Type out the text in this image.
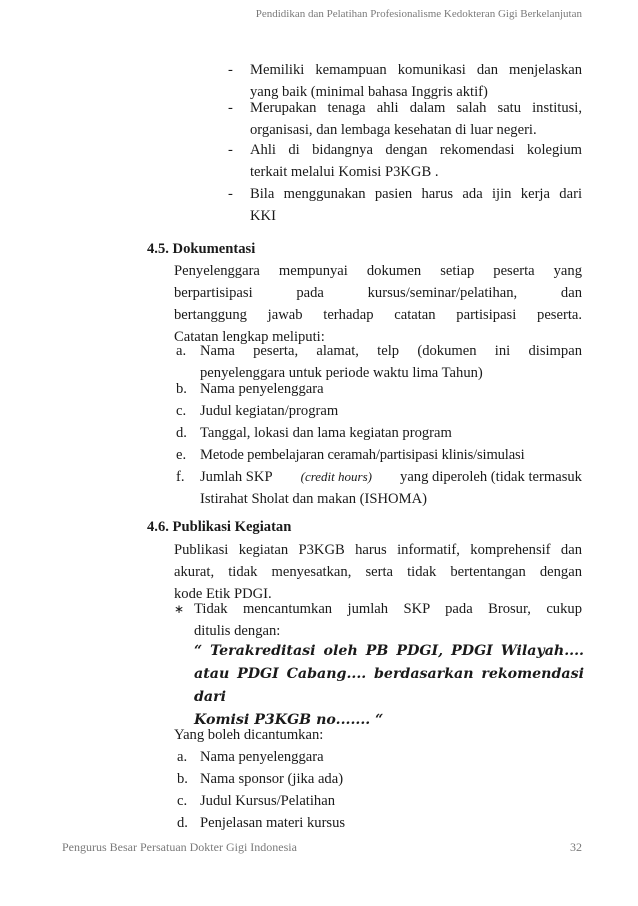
Pendidikan dan Pelatihan Profesionalisme Kedokteran Gigi Berkelanjutan
- Memiliki kemampuan komunikasi dan menjelaskan
yang baik (minimal bahasa Inggris aktif)
- Merupakan tenaga ahli dalam salah satu institusi,
organisasi, dan lembaga kesehatan di luar negeri.
- Ahli di bidangnya dengan rekomendasi kolegium
terkait melalui Komisi P3KGB .
- Bila menggunakan pasien harus ada ijin kerja dari
KKI
4.5. Dokumentasi
Penyelenggara mempunyai dokumen setiap peserta yang
berpartisipasi pada kursus/seminar/pelatihan, dan
bertanggung jawab terhadap catatan partisipasi peserta.
Catatan lengkap meliputi:
a. Nama peserta, alamat, telp (dokumen ini disimpan
penyelenggara untuk periode waktu lima Tahun)
b. Nama penyelenggara
c. Judul kegiatan/program
d. Tanggal, lokasi dan lama kegiatan program
e. Metode pembelajaran ceramah/partisipasi klinis/simulasi
f. Jumlah SKP (credit hours) yang diperoleh (tidak termasuk
Istirahat Sholat dan makan (ISHOMA)
4.6. Publikasi Kegiatan
Publikasi kegiatan P3KGB harus informatif, komprehensif dan
akurat, tidak menyesatkan, serta tidak bertentangan dengan
kode Etik PDGI.
∗ Tidak mencantumkan jumlah SKP pada Brosur, cukup
ditulis dengan:
“ Terakreditasi oleh PB PDGI, PDGI Wilayah....
atau PDGI Cabang.... berdasarkan rekomendasi dari
Komisi P3KGB no....... “
Yang boleh dicantumkan:
a. Nama penyelenggara
b. Nama sponsor (jika ada)
c. Judul Kursus/Pelatihan
d. Penjelasan materi kursus
Pengurus Besar Persatuan Dokter Gigi Indonesia	32
